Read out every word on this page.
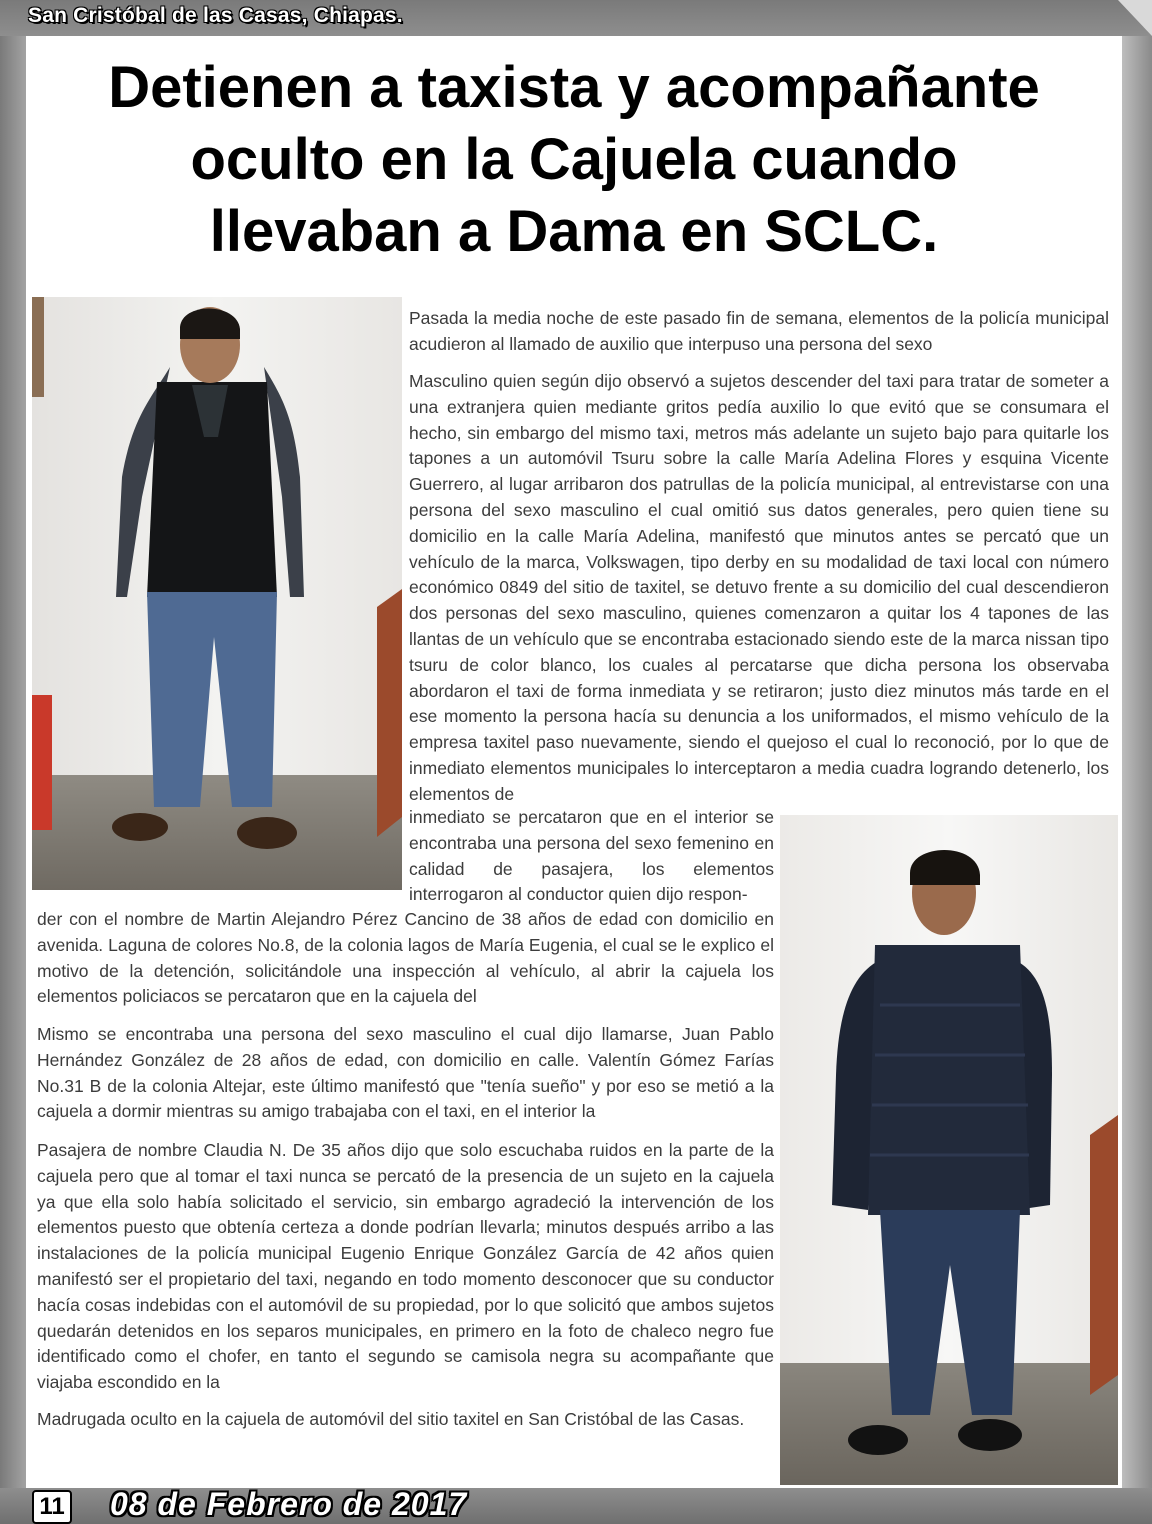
San Cristóbal de las Casas, Chiapas.
Detienen a taxista y acompañante
oculto en la Cajuela cuando
llevaban a Dama en SCLC.

Pasada la media noche de este pasado fin de semana, elementos de la policía municipal acudieron al llamado de auxilio que interpuso una persona del sexo

Masculino quien según dijo observó a sujetos descender del taxi para tratar de someter a una extranjera quien mediante gritos pedía auxilio lo que evitó que se consumara el hecho, sin embargo del mismo taxi, metros más adelante un sujeto bajo para quitarle los tapones a un automóvil Tsuru sobre la calle María Adelina Flores y esquina Vicente Guerrero, al lugar arribaron dos patrullas de la policía municipal, al entrevistarse con una persona del sexo masculino el cual omitió sus datos generales, pero quien tiene su domicilio en la calle María Adelina, manifestó que minutos antes se percató que un vehículo de la marca, Volkswagen, tipo derby en su modalidad de taxi local con número económico 0849 del sitio de taxitel, se detuvo frente a su domicilio del cual descendieron dos personas del sexo masculino, quienes comenzaron a quitar los 4 tapones de las llantas de un vehículo que se encontraba estacionado siendo este de la marca nissan tipo tsuru de color blanco, los cuales al percatarse que dicha persona los observaba abordaron el taxi de forma inmediata y se retiraron; justo diez minutos más tarde en el ese momento la persona hacía su denuncia a los uniformados, el mismo vehículo de la empresa taxitel paso nuevamente, siendo el quejoso el cual lo reconoció, por lo que de inmediato elementos municipales lo interceptaron a media cuadra logrando detenerlo, los elementos de

inmediato se percataron que en el interior se encontraba una persona del sexo femenino en calidad de pasajera, los elementos interrogaron al conductor quien dijo respon-

der con el nombre de Martin Alejandro Pérez Cancino de 38 años de edad con domicilio en avenida. Laguna de colores No.8, de la colonia lagos de María Eugenia, el cual se le explico el motivo de la detención, solicitándole una inspección al vehículo, al abrir la cajuela los elementos policiacos se percataron que en la cajuela del

Mismo se encontraba una persona del sexo masculino el cual dijo llamarse, Juan Pablo Hernández González de 28 años de edad, con domicilio en calle. Valentín Gómez Farías No.31 B de la colonia Altejar, este último manifestó que "tenía sueño" y por eso se metió a la cajuela a dormir mientras su amigo trabajaba con el taxi, en el interior la

Pasajera de nombre Claudia N. De 35 años dijo que solo escuchaba ruidos en la parte de la cajuela pero que al tomar el taxi nunca se percató de la presencia de un sujeto en la cajuela ya que ella solo había solicitado el servicio, sin embargo agradeció la intervención de los elementos puesto que obtenía certeza a donde podrían llevarla; minutos después arribo a las instalaciones de la policía municipal Eugenio Enrique González García de 42 años quien manifestó ser el propietario del taxi, negando en todo momento desconocer que su conductor hacía cosas indebidas con el automóvil de su propiedad, por lo que solicitó que ambos sujetos quedarán detenidos en los separos municipales, en primero en la foto de chaleco negro fue identificado como el chofer, en tanto el segundo se camisola negra su acompañante que viajaba escondido en la

Madrugada oculto en la cajuela de automóvil del sitio taxitel en San Cristóbal de las Casas.

11 08 de Febrero de 2017
